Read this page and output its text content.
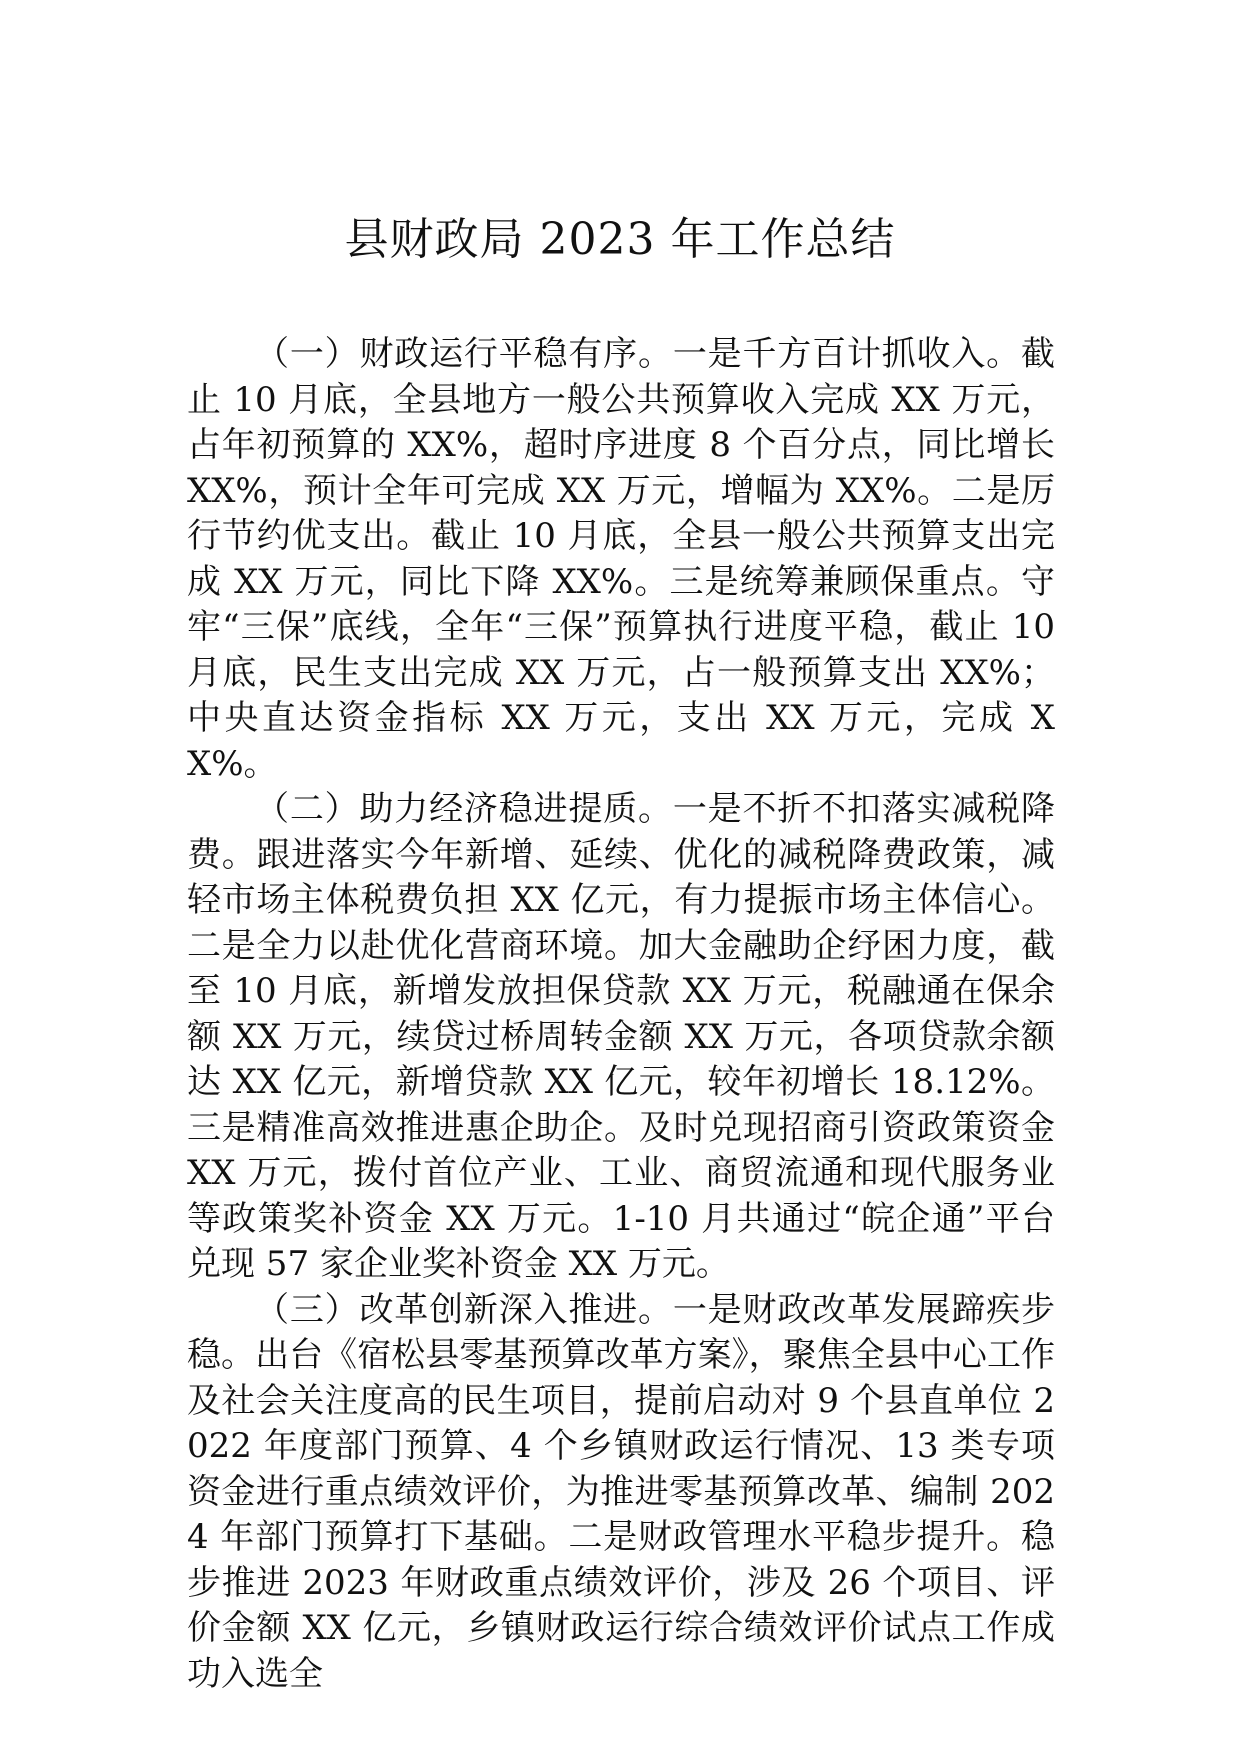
县财政局 2023 年工作总结

（一）财政运行平稳有序。一是千方百计抓收入。截止 10 月底，全县地方一般公共预算收入完成 XX 万元，占年初预算的 XX%，超时序进度 8 个百分点，同比增长 XX%，预计全年可完成 XX 万元，增幅为 XX%。二是厉行节约优支出。截止 10 月底，全县一般公共预算支出完成 XX 万元，同比下降 XX%。三是统筹兼顾保重点。守牢“三保”底线，全年“三保”预算执行进度平稳，截止 10 月底，民生支出完成 XX 万元，占一般预算支出 XX%；中央直达资金指标 XX 万元，支出 XX 万元，完成 XX%。

（二）助力经济稳进提质。一是不折不扣落实减税降费。跟进落实今年新增、延续、优化的减税降费政策，减轻市场主体税费负担 XX 亿元，有力提振市场主体信心。二是全力以赴优化营商环境。加大金融助企纾困力度，截至 10 月底，新增发放担保贷款 XX 万元，税融通在保余额 XX 万元，续贷过桥周转金额 XX 万元，各项贷款余额达 XX 亿元，新增贷款 XX 亿元，较年初增长 18.12%。三是精准高效推进惠企助企。及时兑现招商引资政策资金 XX 万元，拨付首位产业、工业、商贸流通和现代服务业等政策奖补资金 XX 万元。1-10 月共通过“皖企通”平台兑现 57 家企业奖补资金 XX 万元。

（三）改革创新深入推进。一是财政改革发展蹄疾步稳。出台《宿松县零基预算改革方案》，聚焦全县中心工作及社会关注度高的民生项目，提前启动对 9 个县直单位 2022 年度部门预算、4 个乡镇财政运行情况、13 类专项资金进行重点绩效评价，为推进零基预算改革、编制 2024 年部门预算打下基础。二是财政管理水平稳步提升。稳步推进 2023 年财政重点绩效评价，涉及 26 个项目、评价金额 XX 亿元，乡镇财政运行综合绩效评价试点工作成功入选全
